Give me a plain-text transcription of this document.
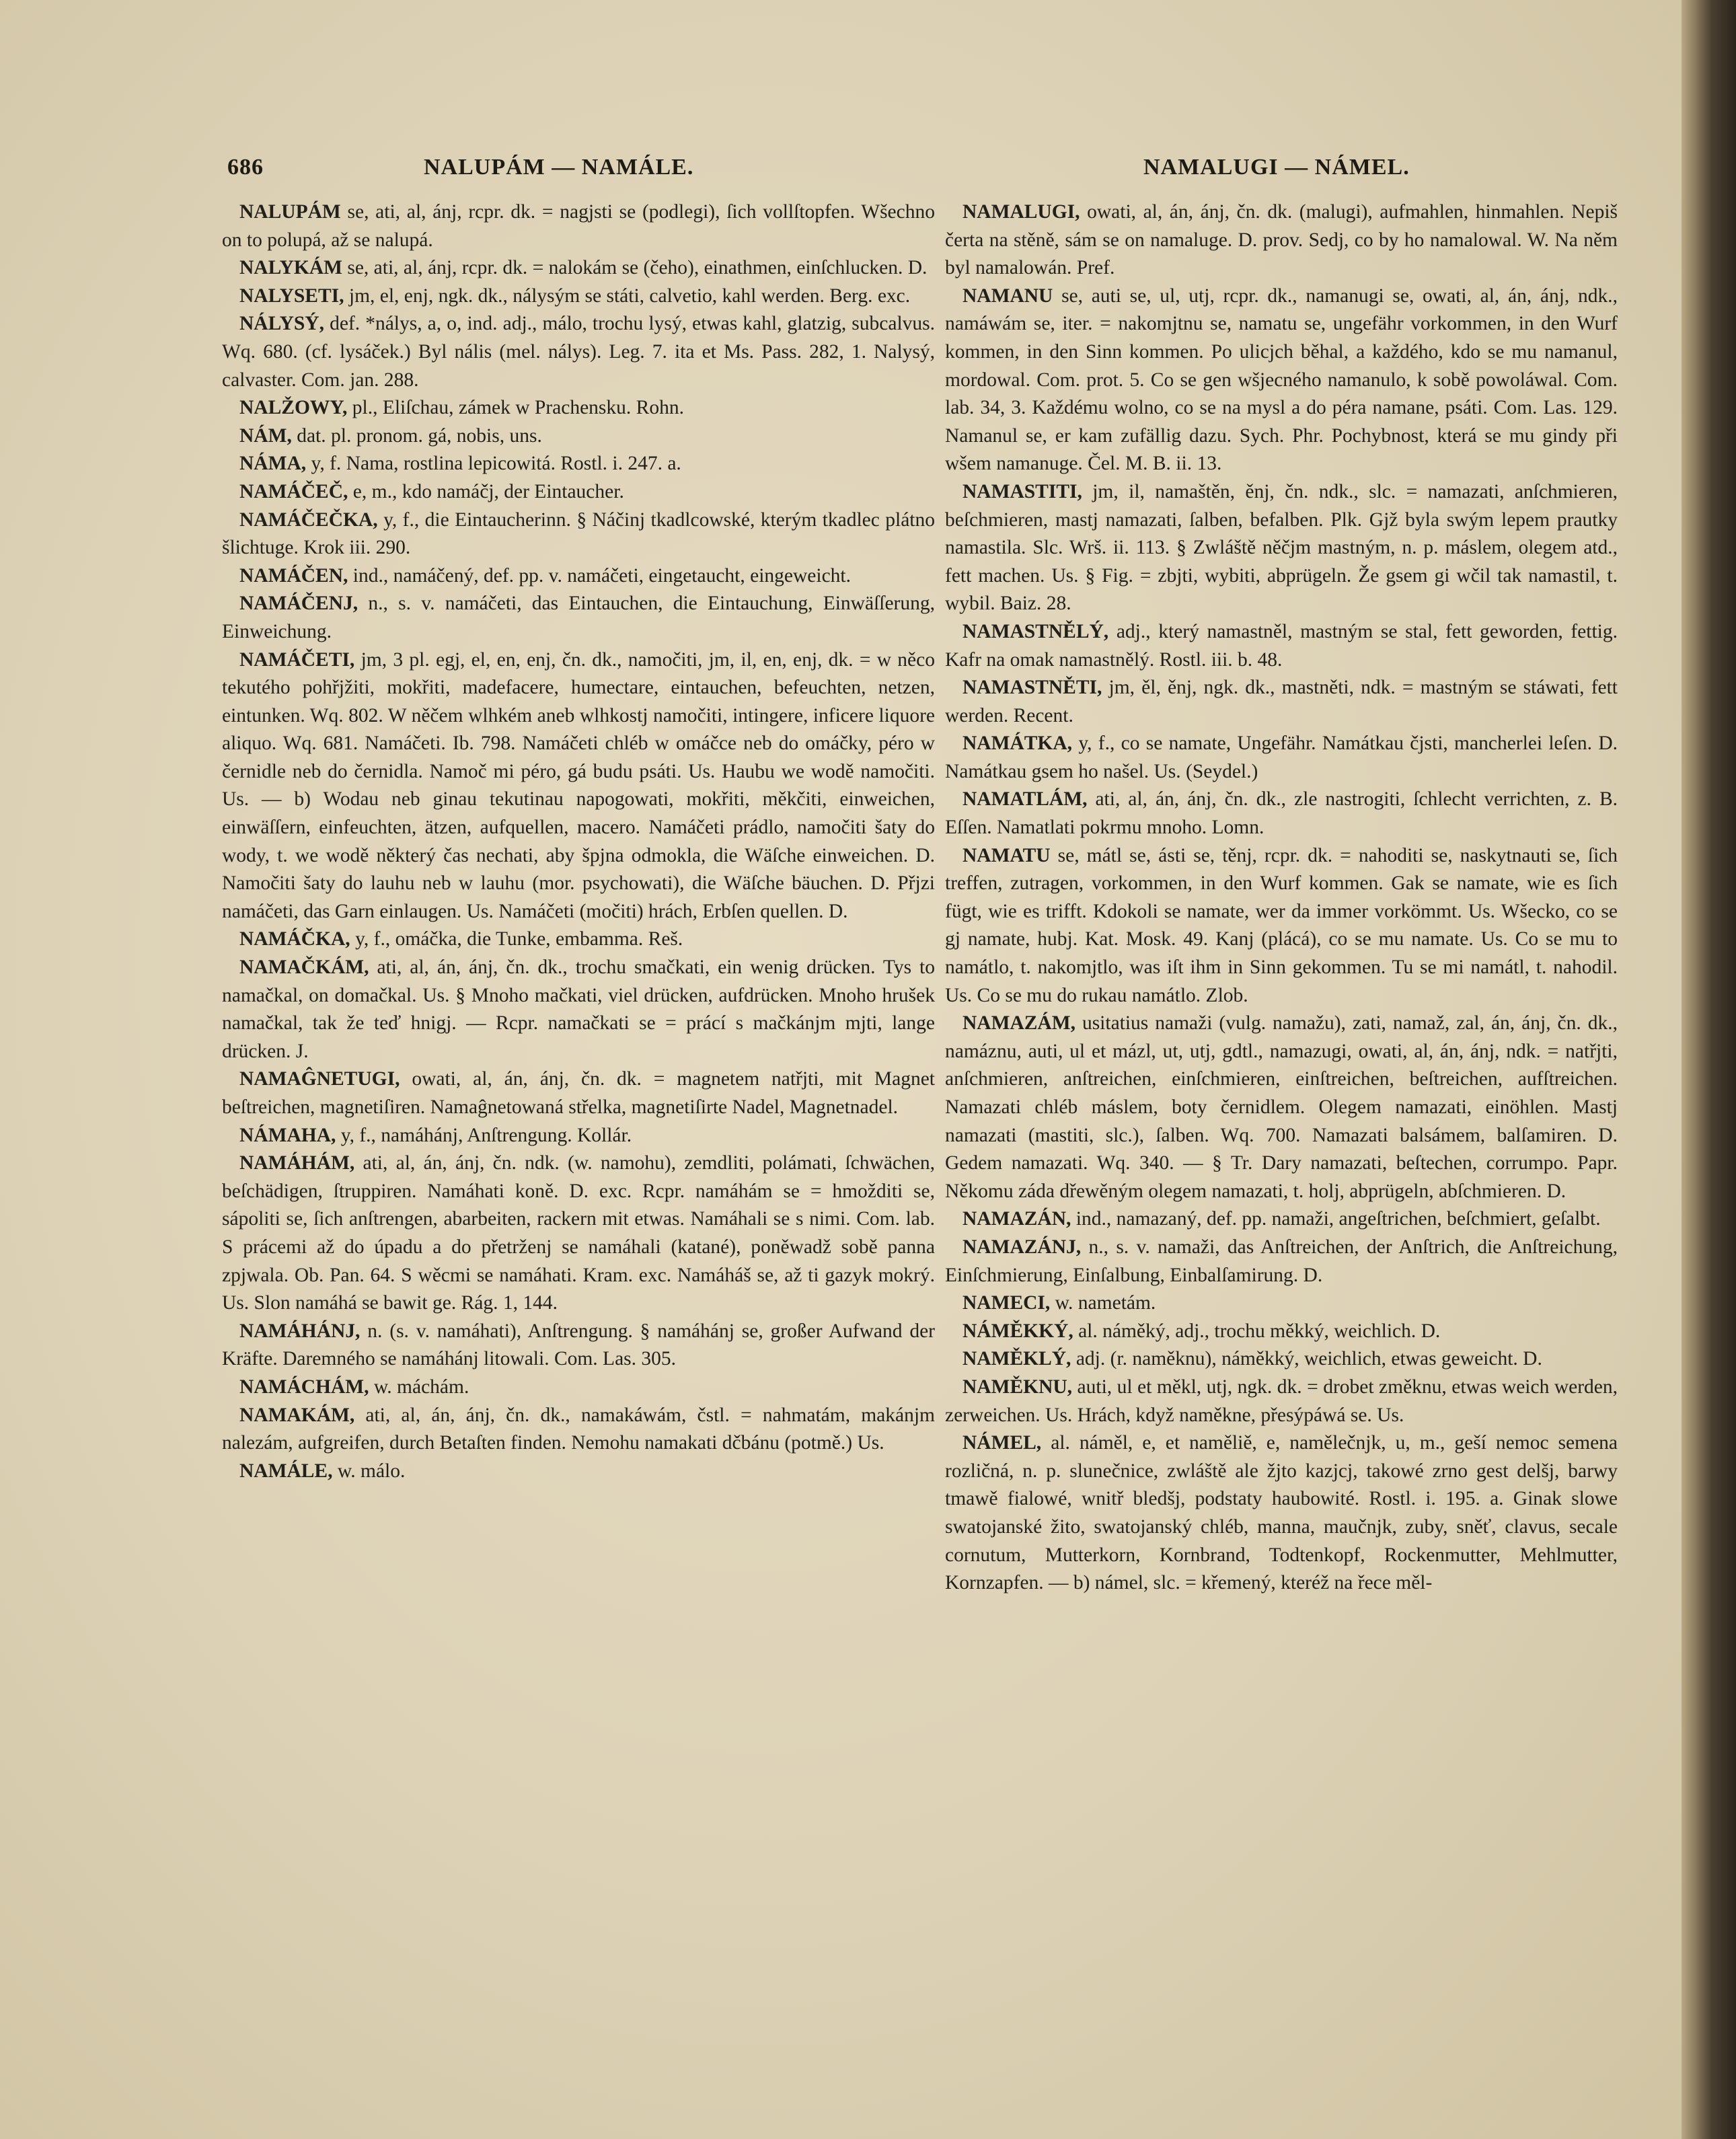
686	NALUPÁM — NAMÁLE.	NAMALUGI — NÁMEL.

NALUPÁM se, ati, al, ánj, rcpr. dk. = nagjsti se (podlegi), ſich vollſtopfen. Wšechno on to polupá, až se nalupá.

NALYKÁM se, ati, al, ánj, rcpr. dk. = nalokám se (čeho), einathmen, einſchlucken. D.

NALYSETI, jm, el, enj, ngk. dk., nálysým se státi, calvetio, kahl werden. Berg. exc.

NÁLYSÝ, def. *nálys, a, o, ind. adj., málo, trochu lysý, etwas kahl, glatzig, subcalvus. Wq. 680. (cf. lysáček.) Byl nális (mel. nálys). Leg. 7. ita et Ms. Pass. 282, 1. Nalysý, calvaster. Com. jan. 288.

NALŽOWY, pl., Eliſchau, zámek w Prachensku. Rohn.

NÁM, dat. pl. pronom. gá, nobis, uns.

NÁMA, y, f. Nama, rostlina lepicowitá. Rostl. i. 247. a.

NAMÁČEČ, e, m., kdo namáčj, der Eintaucher.

NAMÁČEČKA, y, f., die Eintaucherinn. § Náčinj tkadlcowské, kterým tkadlec plátno šlichtuge. Krok iii. 290.

NAMÁČEN, ind., namáčený, def. pp. v. namáčeti, eingetaucht, eingeweicht.

NAMÁČENJ, n., s. v. namáčeti, das Eintauchen, die Eintauchung, Einwäſſerung, Einweichung.

NAMÁČETI, jm, 3 pl. egj, el, en, enj, čn. dk., namočiti, jm, il, en, enj, dk. = w něco tekutého pohřjžiti, mokřiti, madefacere, humectare, eintauchen, befeuchten, netzen, eintunken. Wq. 802. W něčem wlhkém aneb wlhkostj namočiti, intingere, inficere liquore aliquo. Wq. 681. Namáčeti. Ib. 798. Namáčeti chléb w omáčce neb do omáčky, péro w černidle neb do černidla. Namoč mi péro, gá budu psáti. Us. Haubu we wodě namočiti. Us. — b) Wodau neb ginau tekutinau napogowati, mokřiti, měkčiti, einweichen, einwäſſern, einfeuchten, ätzen, aufquellen, macero. Namáčeti prádlo, namočiti šaty do wody, t. we wodě některý čas nechati, aby špjna odmokla, die Wäſche einweichen. D. Namočiti šaty do lauhu neb w lauhu (mor. psychowati), die Wäſche bäuchen. D. Přjzi namáčeti, das Garn einlaugen. Us. Namáčeti (močiti) hrách, Erbſen quellen. D.

NAMÁČKA, y, f., omáčka, die Tunke, embamma. Reš.

NAMAČKÁM, ati, al, án, ánj, čn. dk., trochu smačkati, ein wenig drücken. Tys to namačkal, on domačkal. Us. § Mnoho mačkati, viel drücken, aufdrücken. Mnoho hrušek namačkal, tak že teď hnigj. — Rcpr. namačkati se = prácí s mačkánjm mjti, lange drücken. J.

NAMAĜNETUGI, owati, al, án, ánj, čn. dk. = magnetem natřjti, mit Magnet beſtreichen, magnetiſiren. Namaĝnetowaná střelka, magnetiſirte Nadel, Magnetnadel.

NÁMAHA, y, f., namáhánj, Anſtrengung. Kollár.

NAMÁHÁM, ati, al, án, ánj, čn. ndk. (w. namohu), zemdliti, polámati, ſchwächen, beſchädigen, ſtruppiren. Namáhati koně. D. exc. Rcpr. namáhám se = hmožditi se, sápoliti se, ſich anſtrengen, abarbeiten, rackern mit etwas. Namáhali se s nimi. Com. lab. S prácemi až do úpadu a do přetrženj se namáhali (katané), poněwadž sobě panna zpjwala. Ob. Pan. 64. S wěcmi se namáhati. Kram. exc. Namáháš se, až ti gazyk mokrý. Us. Slon namáhá se bawit ge. Rág. 1, 144.

NAMÁHÁNJ, n. (s. v. namáhati), Anſtrengung. § namáhánj se, großer Aufwand der Kräfte. Daremného se namáhánj litowali. Com. Las. 305.

NAMÁCHÁM, w. máchám.

NAMAKÁM, ati, al, án, ánj, čn. dk., namakáwám, čstl. = nahmatám, makánjm nalezám, aufgreifen, durch Betaſten finden. Nemohu namakati dčbánu (potmě.) Us.

NAMÁLE, w. málo.

NAMALUGI, owati, al, án, ánj, čn. dk. (malugi), aufmahlen, hinmahlen. Nepiš čerta na stěně, sám se on namaluge. D. prov. Sedj, co by ho namalowal. W. Na něm byl namalowán. Pref.

NAMANU se, auti se, ul, utj, rcpr. dk., namanugi se, owati, al, án, ánj, ndk., namáwám se, iter. = nakomjtnu se, namatu se, ungefähr vorkommen, in den Wurf kommen, in den Sinn kommen. Po ulicjch běhal, a každého, kdo se mu namanul, mordowal. Com. prot. 5. Co se gen wšjecného namanulo, k sobě powoláwal. Com. lab. 34, 3. Každému wolno, co se na mysl a do péra namane, psáti. Com. Las. 129. Namanul se, er kam zufällig dazu. Sych. Phr. Pochybnost, která se mu gindy při wšem namanuge. Čel. M. B. ii. 13.

NAMASTITI, jm, il, namaštěn, ěnj, čn. ndk., slc. = namazati, anſchmieren, beſchmieren, mastj namazati, ſalben, befalben. Plk. Gjž byla swým lepem prautky namastila. Slc. Wrš. ii. 113. § Zwláště něčjm mastným, n. p. máslem, olegem atd., fett machen. Us. § Fig. = zbjti, wybiti, abprügeln. Že gsem gi wčil tak namastil, t. wybil. Baiz. 28.

NAMASTNĚLÝ, adj., který namastněl, mastným se stal, fett geworden, fettig. Kafr na omak namastnělý. Rostl. iii. b. 48.

NAMASTNĚTI, jm, ěl, ěnj, ngk. dk., mastněti, ndk. = mastným se stáwati, fett werden. Recent.

NAMÁTKA, y, f., co se namate, Ungefähr. Namátkau čjsti, mancherlei leſen. D. Namátkau gsem ho našel. Us. (Seydel.)

NAMATLÁM, ati, al, án, ánj, čn. dk., zle nastrogiti, ſchlecht verrichten, z. B. Eſſen. Namatlati pokrmu mnoho. Lomn.

NAMATU se, mátl se, ásti se, těnj, rcpr. dk. = nahoditi se, naskytnauti se, ſich treffen, zutragen, vorkommen, in den Wurf kommen. Gak se namate, wie es ſich fügt, wie es trifft. Kdokoli se namate, wer da immer vorkömmt. Us. Wšecko, co se gj namate, hubj. Kat. Mosk. 49. Kanj (plácá), co se mu namate. Us. Co se mu to namátlo, t. nakomjtlo, was iſt ihm in Sinn gekommen. Tu se mi namátl, t. nahodil. Us. Co se mu do rukau namátlo. Zlob.

NAMAZÁM, usitatius namaži (vulg. namažu), zati, namaž, zal, án, ánj, čn. dk., namáznu, auti, ul et mázl, ut, utj, gdtl., namazugi, owati, al, án, ánj, ndk. = natřjti, anſchmieren, anſtreichen, einſchmieren, einſtreichen, beſtreichen, aufſtreichen. Namazati chléb máslem, boty černidlem. Olegem namazati, einöhlen. Mastj namazati (mastiti, slc.), ſalben. Wq. 700. Namazati balsámem, balſamiren. D. Gedem namazati. Wq. 340. — § Tr. Dary namazati, beſtechen, corrumpo. Papr. Někomu záda dřewěným olegem namazati, t. holj, abprügeln, abſchmieren. D.

NAMAZÁN, ind., namazaný, def. pp. namaži, angeſtrichen, beſchmiert, geſalbt.

NAMAZÁNJ, n., s. v. namaži, das Anſtreichen, der Anſtrich, die Anſtreichung, Einſchmierung, Einſalbung, Einbalſamirung. D.

NAMECI, w. nametám.

NÁMĚKKÝ, al. náměký, adj., trochu měkký, weichlich. D.

NAMĚKLÝ, adj. (r. naměknu), náměkký, weichlich, etwas geweicht. D.

NAMĚKNU, auti, ul et měkl, utj, ngk. dk. = drobet změknu, etwas weich werden, zerweichen. Us. Hrách, když naměkne, přesýpáwá se. Us.

NÁMEL, al. náměl, e, et naměliě, e, namělečnjk, u, m., geší nemoc semena rozličná, n. p. slunečnice, zwláště ale žjto kazjcj, takowé zrno gest delšj, barwy tmawě fialowé, wnitř bledšj, podstaty haubowité. Rostl. i. 195. a. Ginak slowe swatojanské žito, swatojanský chléb, manna, maučnjk, zuby, sněť, clavus, secale cornutum, Mutterkorn, Kornbrand, Todtenkopf, Rockenmutter, Mehlmutter, Kornzapfen. — b) námel, slc. = křemený, kteréž na řece měl-
